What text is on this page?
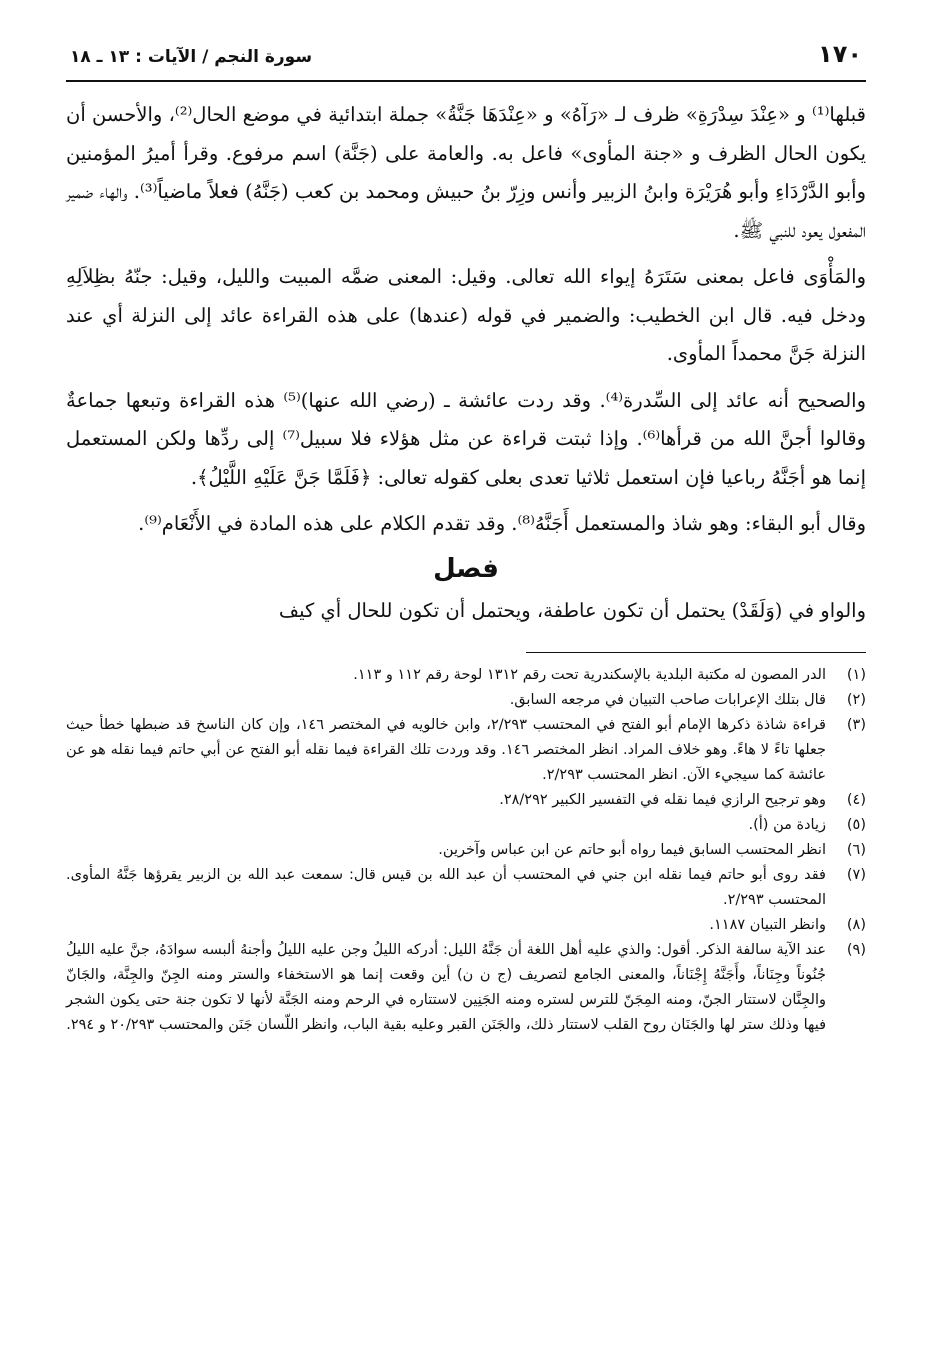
١٧٠
سورة النجم / الآيات : ١٣ ـ ١٨

قبلها⁽¹⁾ و «عِنْدَ سِدْرَةِ» ظرف لـ «رَآهُ» و «عِنْدَهَا جَنَّةُ» جملة ابتدائية في موضع الحال⁽²⁾، والأحسن أن يكون الحال الظرف و «جنة المأوى» فاعل به. والعامة على (جَنَّة) اسم مرفوع. وقرأ أميرُ المؤمنين وأبو الدَّرْدَاءِ وأبو هُرَيْرَة وابنُ الزبير وأنس وزِرّ بنُ حبيش ومحمد بن كعب (جَنَّهُ) فعلاً ماضياً⁽³⁾. والهاء ضمير المفعول يعود للنبي ﷺ.

والمَأْوَى فاعل بمعنى سَتَرَهُ إيواء الله تعالى. وقيل: المعنى ضمَّه المبيت والليل، وقيل: جنّهُ بظِلاَلِهِ ودخل فيه. قال ابن الخطيب: والضمير في قوله (عندها) على هذه القراءة عائد إلى النزلة أي عند النزلة جَنَّ محمداً المأوى.

والصحيح أنه عائد إلى السِّدرة⁽⁴⁾. وقد ردت عائشة ـ (رضي الله عنها)⁽⁵⁾ هذه القراءة وتبعها جماعةٌ وقالوا أجنَّ الله من قرأها⁽⁶⁾. وإذا ثبتت قراءة عن مثل هؤلاء فلا سبيل⁽⁷⁾ إلى ردِّها ولكن المستعمل إنما هو أجَنَّهُ رباعيا فإن استعمل ثلاثيا تعدى بعلى كقوله تعالى: ﴿فَلَمَّا جَنَّ عَلَيْهِ اللَّيْلُ﴾.

وقال أبو البقاء: وهو شاذ والمستعمل أَجَنَّهُ⁽⁸⁾. وقد تقدم الكلام على هذه المادة في الأَنْعَام⁽⁹⁾.

فصل

والواو في (وَلَقَدْ) يحتمل أن تكون عاطفة، ويحتمل أن تكون للحال أي كيف

(١)
الدر المصون له مكتبة البلدية بالإسكندرية تحت رقم ١٣١٢ لوحة رقم ١١٢ و ١١٣.
(٢)
قال بتلك الإعرابات صاحب التبيان في مرجعه السابق.
(٣)
قراءة شاذة ذكرها الإمام أبو الفتح في المحتسب ٢/٢٩٣، وابن خالويه في المختصر ١٤٦، وإن كان الناسخ قد ضبطها خطأ حيث جعلها تاءً لا هاءً. وهو خلاف المراد. انظر المختصر ١٤٦. وقد وردت تلك القراءة فيما نقله أبو الفتح عن أبي حاتم فيما نقله هو عن عائشة كما سيجيء الآن. انظر المحتسب ٢/٢٩٣.
(٤)
وهو ترجيح الرازي فيما نقله في التفسير الكبير ٢٨/٢٩٢.
(٥)
زيادة من (أ).
(٦)
انظر المحتسب السابق فيما رواه أبو حاتم عن ابن عباس وآخرين.
(٧)
فقد روى أبو حاتم فيما نقله ابن جني في المحتسب أن عبد الله بن قيس قال: سمعت عبد الله بن الزبير يقرؤها جَنَّهُ المأوى. المحتسب ٢/٢٩٣.
(٨)
وانظر التبيان ١١٨٧.
(٩)
عند الآية سالفة الذكر. أقول: والذي عليه أهل اللغة أن جَنَّهُ الليل: أدركه الليلُ وجن عليه الليلُ وأجنهُ ألبسه سوادَهُ، جنَّ عليه الليلُ جُنُوناً وجِنَاناً، وأَجَنَّهُ إِجْنَاناً، والمعنى الجامع لتصريف (ج ن ن) أين وقعت إنما هو الاستخفاء والستر ومنه الجِنّ والجِنَّة، والجَانّ والجِنَّان لاستتار الجنّ، ومنه المِجَنّ للترس لستره ومنه الجَنِين لاستتاره في الرحم ومنه الجَنَّة لأنها لا تكون جنة حتى يكون الشجر فيها وذلك ستر لها والجَنَان روح القلب لاستتار ذلك، والجَنَن القبر وعليه بقية الباب، وانظر اللّسان جَنَن والمحتسب ٢٠/٢٩٣ و ٢٩٤.
